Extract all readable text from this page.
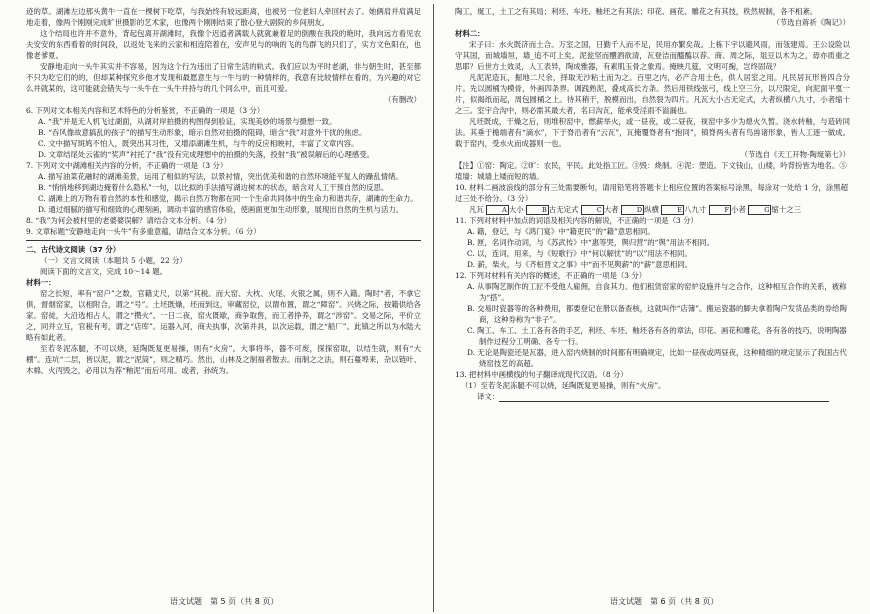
迹的草。湖滩左边那头黄牛一直在一棵树下吃草，与我始终有较远距离，也被另一位老妇人牵回村去了。她俩肩并肩满足地走着，像两个刚刚完成旷世摄影的艺术家，也像两个刚刚结束了散心登大剧院的乡间朋友。

这个结局也许并不意外，背起包离开湖滩时，我像个迟逍者满载人就就兼着足的倒酸在我段的艳时，我向远方看见农夫安安的东西看着的时间段，以返处飞来的云家和相连陪着在，安声见与的响的飞的鸟群飞的只们了，实方文色阳在，也像老爹夏。

安静地走向一头牛其实并不容易，因为这个行为违出了日常生活的轨式。我们应以为平时老湖，非与朝生时，甚至都不只为吃它们的的，但却某种探究乡他才发现和最愿意生与一牛与的一种情样的，我意有比较情样在看的，为兴趣的对它么并就某的，这可能就会错失与一头牛在一头牛并持与的几个同么中，而且可爱。

（有删改）

6. 下列对文本相关内容和艺术特色的分析鉴赏，不正确的一项是（3 分）

A. “我”并是无人机飞过湖面，从湖对岸拍摄的构图得到验证，实现美妙的场景与摄想一致。

B. “吞风像故意搞乱的孩子”的描写生动形象，暗示自然对拍摄的阻碍，暗含“我”对意外干扰的焦虑。

C. 文中描写斑鸠不怕人，既突出其习性，又增添湖滩生机，与牛的反应相映衬，丰富了文章内容。

D. 文章结尾处云雀的“奖声”衬托了“我”没有完成理想中的拍摄的失落，投射“我”被误解后的心理感受。

7. 下列对文中湖滩相关内容的分析，不正确的一项是（3 分）

A. 描写油菜花融时的湖滩美景，运用了相似的写法，以景衬情，突出优美和谐的自然环境能平复人的躁乱情绪。

B. “悄悄地移到湖边掩着什么隐私”一句，以比拟的手法描写湖边树木的状态，暗含对人工干预自然的反思。

C. 湖滩上的万物有着自然的本性和感觉，揭示自然万物都在同一个生命共同体中的生命力和谐共存，湖滩的生命力。

D. 通过细腻的描写和细致的心理刻画，调动丰富的感官体验，使画面更加生动形象，展现出自然的生机与活力。

8. “我”为何会被村里的老婆婆误解？请结合文本分析。（4 分）

9. 文章标题“安静地走向一头牛”有多重意蕴，请结合文本分析。（6 分）

二、古代诗文阅读（37 分）

（一）文言文阅读（本题共 5 小题，22 分）

阅读下面的文言文，完成 10～14 题。

材料一：

窑之长短，率有“窑户”之数，官籍丈尺，以第“其税。而大窑、大枕、火尾、火银之属，则不入籍。陶时“者，不拿它俱，督烟窑家，以相附合，谓之“号”。土坯既燥，坯而到这，审藏窑位，以谓布置，谓之“障窑”。兴烧之际，按籍供给各家。窑徒，大沿选相占人，谓之“攒火”。一日二夜，窑火既歇，商争取售，而工者挣养，谓之“涉窑”。交易之际，平价立之，同并立互，官税有考，谓之“店库”。运器入河，商夫执事，次第并具，以次运载，谓之“船厂”。此镇之所以为水陆大略有如此者。

至若冬泥冻腿，不可以烧，延陶既复更易操，则有“火房”。大事将毕，器不可废，探探窑取，以结生就，则有“大棚”。连坑“二层，皆以泥，谓之“泥筒”，则之精巧。然出，山林及之制福者散去。而制之之法，则石蔓埠来，杂以链叶、木棉、火丙毁之，必用以为荐“釉泥”而后可用。或者，孙统为。

陶工，埏工，土工之有其局；利坯、车坯、釉坯之有其法；印花、画花、雕花之有其技，秩然规制，各不相紊。

（节选自蒋祈《陶记》）

材料二：

宋子曰：水火既济而土合。万室之国，日勤千人而不足，民用亦繁矣哉。上栋下宇以避风雨，而瓴建焉。王公设险以守其国，而城墙垣，墙_追不可上矣。泥瓮坚而醴酒欲清，瓦登洁而醯醢以荐。商、周之际，俎豆以木为之，毋亦质重之思耶？后世方土效灵，人工表异，陶成雅器，有素肌玉骨之象焉。掩映几筵，文明可掬，岂终固哉？

凡泥泥造瓦，掘地二尺余，择取无沙粘土而为之。百里之内，必产合用土色，供人居室之用。凡民居瓦形皆四合分片。先以圆桶为模骨，外画四条界。调践熟泥，叠成高长方条。然后用铁线弦弓，线上空三分，以尺限定，向泥面平戛一片，似揭纸而起，周包圆桶之上。待其稍干，脱模而出，自然裂为四片。凡瓦大小古无定式，大者纵横八九寸，小者缩十之三。室宇合沟中，则必需其最大者，名曰沟瓦，能承受淫雨不溢漏也。

凡坯既成，干燥之后，则堆积窑中，燃薪举火，或一昼夜，或二昼夜，视窑中多少为熄火久暂。浇水转釉，与造砖同法。其垂于檐端者有“滴水”，下于脊沿者有“云瓦”，瓦掩覆脊者有“抱同”，镇脊两头者有鸟兽诸形象，皆人工逐一做成。载于窑内，受水火而成器则一也。

（节选自《天工开物·陶埏第七》）

【注】①窑：陶定。②旷：农民，平民。此处指工匠。③毁：烧制。④泥：塑造。下文钱山，山楼，吟背扮皆为地名。⑤埴墙：城墙上矮而短的墙。

10. 材料二画波浪线的部分有三处需要断句，请用铅笔将答题卡上相应位置的答案标号涂黑，每涂对一处给 1 分，涂黑超过三处不给分。（3 分）

凡瓦	A 大小	B 古无定式	C 大者	D 纵横	E 八九寸	F 小者	G 缩十之三

11. 下列对材料中加点的词语及相关内容的解说，不正确的一项是（3 分）

A. 籍，登记，与《鸿门宴》中“籍吏民”的“籍”意思相同。

B. 匣，名词作动词，与《苏武传》中“惠等哭，舆归营”的“舆”用法不相同。

C. 以，连词，用来，与《短歌行》中“何以解忧”的“以”用法不相同。

D. 薪，柴火，与《齐桓晋文之事》中“而不见舆薪”的“薪”意思相同。

12. 下列对材料有关内容的概述，不正确的一项是（3 分）

A. 从事陶艺制作的工匠不受他人雇佣，自食其力。他们租赁窑家的窑炉设施并与之合作，这种相互合作的关系，被称为“搭”。

B. 交易时瓷器等的各种费用，都要登记在册以备查核，这就叫作“店簿”。搬运瓷器的脚夫拿着陶户发货品类的券给陶商，这种券称为“非子”。

C. 陶工、车工、土工各有各的手艺，利坯、车坯、釉坯各有各的章法，印花、画花和雕花，各有各的技巧，说明陶器制作过程分工明确、各专一行。

D. 无论是陶瓷还是瓦器，进入窑内烧制的时间都有明确规定，比如一昼夜或两昼夜，这种精细的规定显示了我国古代烧窑技艺的高超。

13. 把材料中画横线的句子翻译成现代汉语。（8 分）

（1）至若冬泥冻腿不可以烧，延陶既复更易操，则有“火房”。

译文：

语文试题　第 5 页（共 8 页）	语文试题　第 6 页（共 8 页）
